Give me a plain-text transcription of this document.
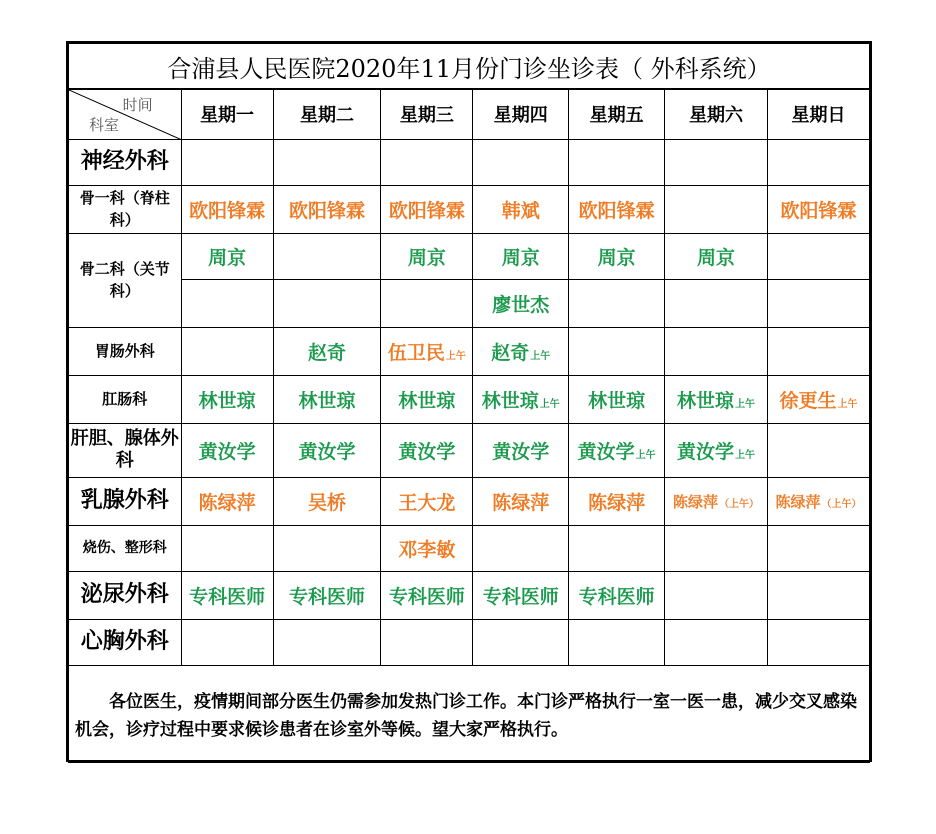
合浦县人民医院2020年11月份门诊坐诊表（ 外科系统）							

时间
科室	星期一	星期二	星期三	星期四	星期五	星期六	星期日
神经外科							
骨一科（脊柱科）	欧阳锋霖	欧阳锋霖	欧阳锋霖	韩斌	欧阳锋霖		欧阳锋霖
骨二科（关节科）	周京		周京	周京	周京	周京	
				廖世杰			
胃肠外科		赵奇	伍卫民上午	赵奇上午			
肛肠科	林世琼	林世琼	林世琼	林世琼上午	林世琼	林世琼上午	徐更生上午
肝胆、腺体外科	黄汝学	黄汝学	黄汝学	黄汝学	黄汝学上午	黄汝学上午	
乳腺外科	陈绿萍	吴桥	王大龙	陈绿萍	陈绿萍	陈绿萍（上午）	陈绿萍（上午）
烧伤、整形科			邓李敏				
泌尿外科	专科医师	专科医师	专科医师	专科医师	专科医师		
心胸外科							
各位医生，疫情期间部分医生仍需参加发热门诊工作。本门诊严格执行一室一医一患，减少交叉感染机会，诊疗过程中要求候诊患者在诊室外等候。望大家严格执行。							
